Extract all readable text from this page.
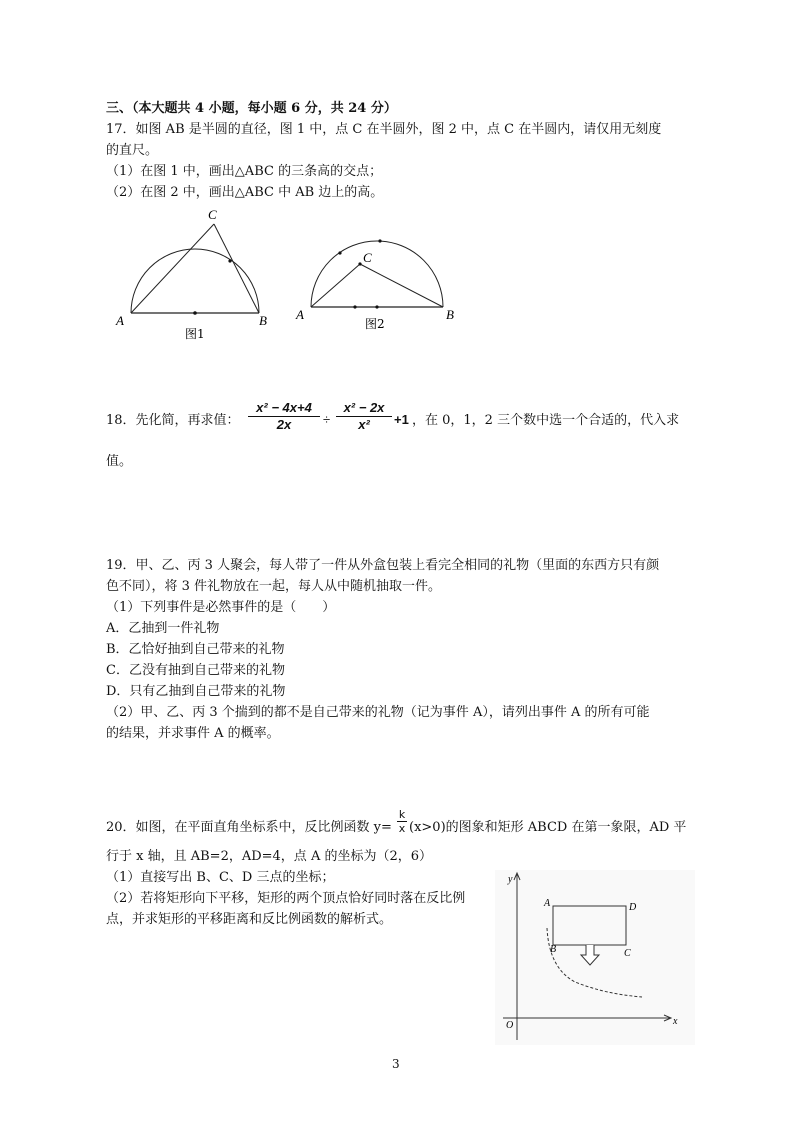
三、（本大题共 4 小题，每小题 6 分，共 24 分）
17．如图 AB 是半圆的直径，图 1 中，点 C 在半圆外，图 2 中，点 C 在半圆内，请仅用无刻度
的直尺。
（1）在图 1 中，画出△ABC 的三条高的交点；
（2）在图 2 中，画出△ABC 中 AB 边上的高。
A	B
C
图1
A	B
C
图2
18．先化简，再求值： $\frac{\text{x² − 4x+4}}{2x} \div \frac{\text{x² − 2x}}{\text{x²}} +1$ ，在 0，1，2 三个数中选一个合适的，代入求
值。
19．甲、乙、丙 3 人聚会，每人带了一件从外盒包装上看完全相同的礼物（里面的东西方只有颜
色不同），将 3 件礼物放在一起，每人从中随机抽取一件。
（1）下列事件是必然事件的是（　　）
A．乙抽到一件礼物
B．乙恰好抽到自己带来的礼物
C．乙没有抽到自己带来的礼物
D．只有乙抽到自己带来的礼物
（2）甲、乙、丙 3 个揣到的都不是自己带来的礼物（记为事件 A），请列出事件 A 的所有可能
的结果，并求事件 A 的概率。
20．如图，在平面直角坐标系中，反比例函数 $y= \frac{k}{x} (x>0)$的图象和矩形 ABCD 在第一象限，AD 平
行于 x 轴，且 AB=2，AD=4，点 A 的坐标为（2，6）
（1）直接写出 B、C、D 三点的坐标；
（2）若将矩形向下平移，矩形的两个顶点恰好同时落在反比例
点，并求矩形的平移距离和反比例函数的解析式。
y
x
O
A
B	C
D
3
